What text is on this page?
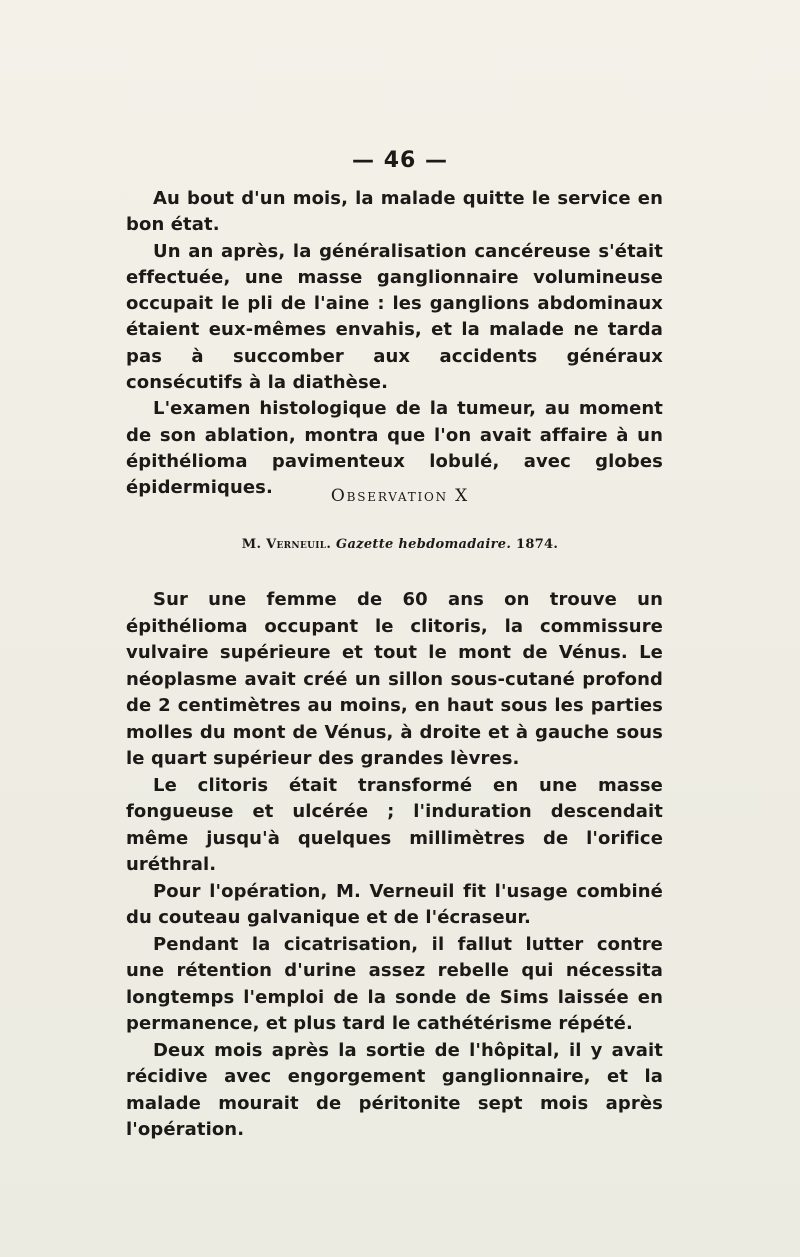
— 46 —

Au bout d'un mois, la malade quitte le service en bon état.

Un an après, la généralisation cancéreuse s'était effectuée, une masse ganglionnaire volumineuse occupait le pli de l'aine : les ganglions abdominaux étaient eux-mêmes envahis, et la malade ne tarda pas à succomber aux accidents généraux consécutifs à la diathèse.

L'examen histologique de la tumeur, au moment de son ablation, montra que l'on avait affaire à un épithélioma pavimenteux lobulé, avec globes épidermiques.	Observation X
M. Verneuil. Gazette hebdomadaire. 1874.

Sur une femme de 60 ans on trouve un épithélioma occupant le clitoris, la commissure vulvaire supérieure et tout le mont de Vénus. Le néoplasme avait créé un sillon sous-cutané profond de 2 centimètres au moins, en haut sous les parties molles du mont de Vénus, à droite et à gauche sous le quart supérieur des grandes lèvres.

Le clitoris était transformé en une masse fongueuse et ulcérée ; l'induration descendait même jusqu'à quelques millimètres de l'orifice uréthral.

Pour l'opération, M. Verneuil fit l'usage combiné du couteau galvanique et de l'écraseur.

Pendant la cicatrisation, il fallut lutter contre une rétention d'urine assez rebelle qui nécessita longtemps l'emploi de la sonde de Sims laissée en permanence, et plus tard le cathétérisme répété.

Deux mois après la sortie de l'hôpital, il y avait récidive avec engorgement ganglionnaire, et la malade mourait de péritonite sept mois après l'opération.
